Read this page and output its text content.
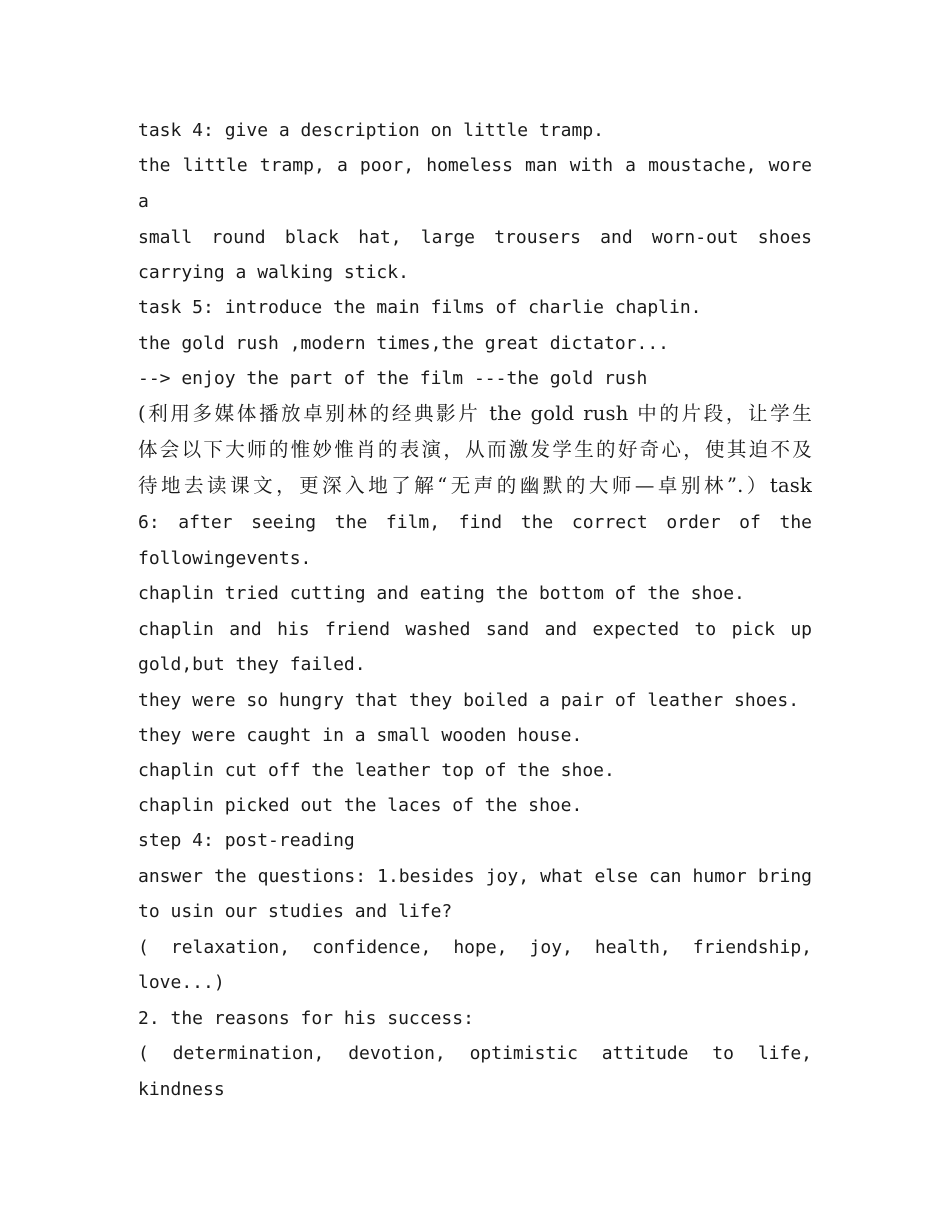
task 4: give a description on little tramp.
the little tramp, a poor, homeless man with a moustache, wore
a
small round black hat, large trousers and worn-out shoes
carrying a walking stick.
task 5: introduce the main films of charlie chaplin.
the gold rush ,modern times,the great dictator...
--> enjoy the part of the film ---the gold rush
(利用多媒体播放卓别林的经典影片 the gold rush 中的片段，让学生
体会以下大师的惟妙惟肖的表演，从而激发学生的好奇心，使其迫不及
待地去读课文，更深入地了解“无声的幽默的大师—卓别林”.）task
6: after seeing the film, find the correct order of the
followingevents.
chaplin tried cutting and eating the bottom of the shoe.
chaplin and his friend washed sand and expected to pick up
gold,but they failed.
they were so hungry that they boiled a pair of leather shoes.
they were caught in a small wooden house.
chaplin cut off the leather top of the shoe.
chaplin picked out the laces of the shoe.
step 4: post-reading
answer the questions: 1.besides joy, what else can humor bring
to usin our studies and life?
( relaxation, confidence, hope, joy, health, friendship,
love...)
2. the reasons for his success:
( determination, devotion, optimistic attitude to life,
kindness
